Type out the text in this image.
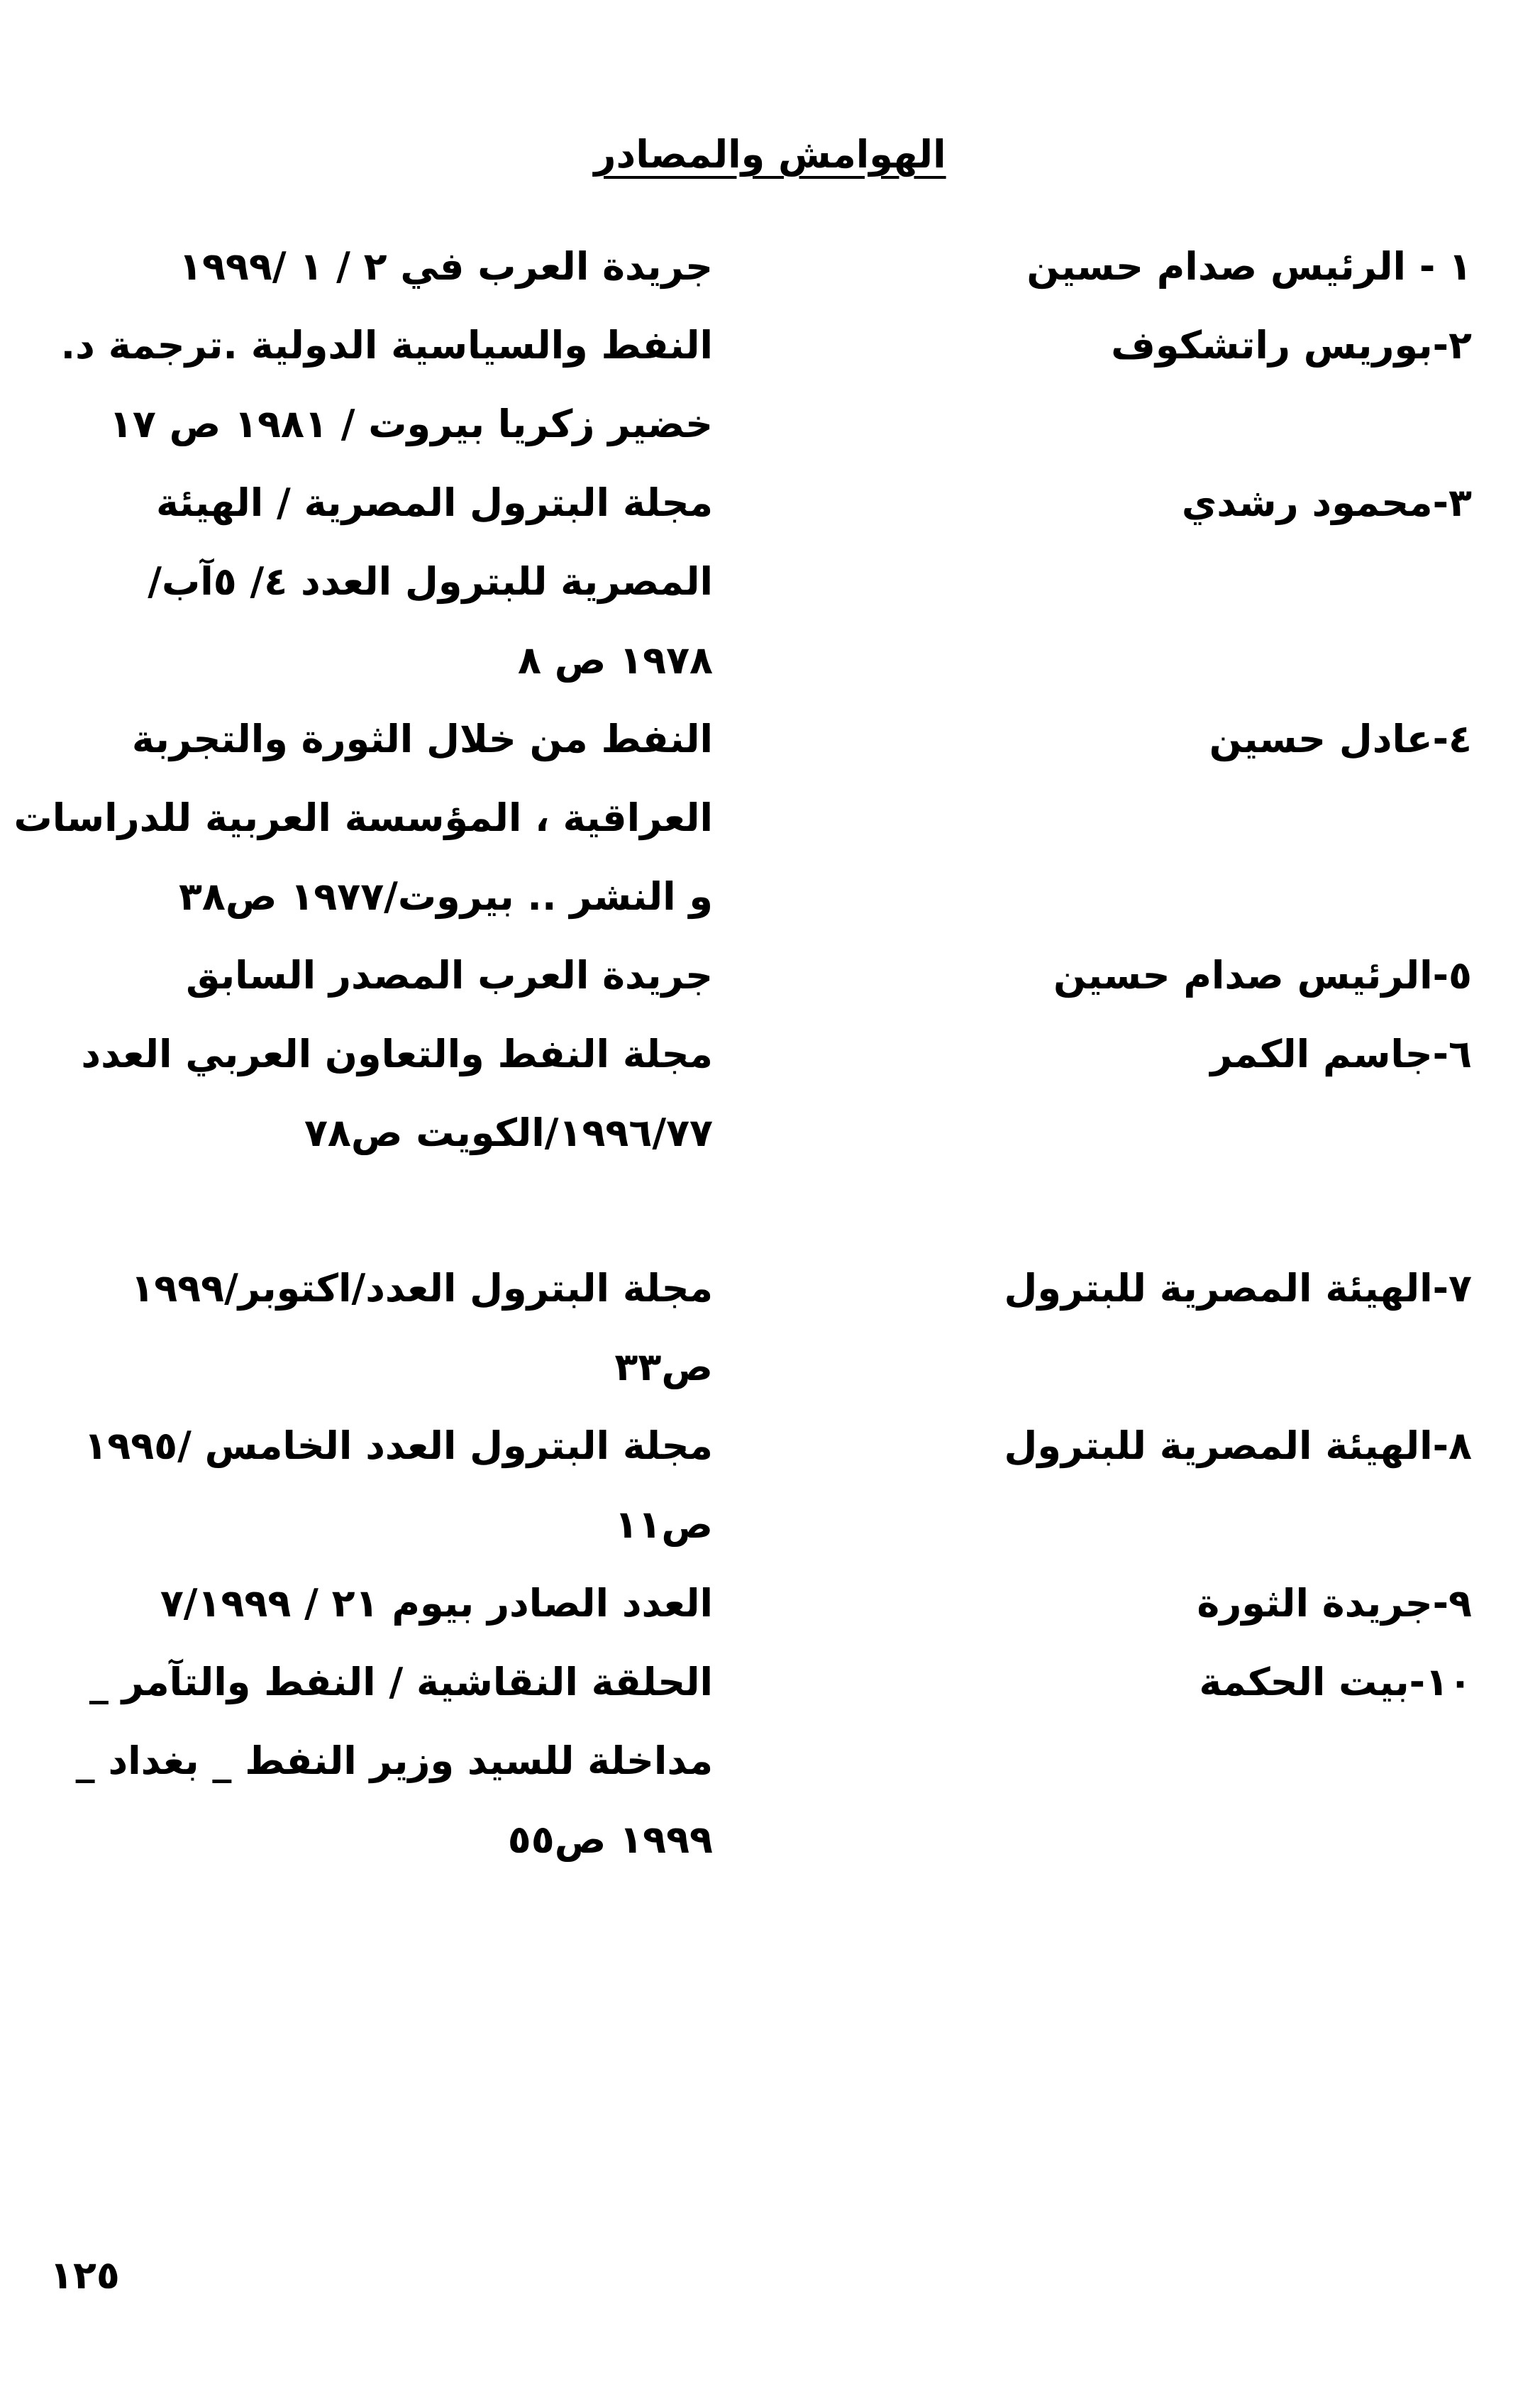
الهوامش والمصادر
١ - الرئيس صدام حسين
جريدة العرب في ٢ / ١ /١٩٩٩
٢-بوريس راتشكوف
النفط والسياسية الدولية .ترجمة د.
خضير زكريا بيروت / ١٩٨١ ص ١٧
٣-محمود رشدي
مجلة البترول المصرية / الهيئة
المصرية للبترول العدد ٤/ ٥آب/
١٩٧٨ ص ٨
٤-عادل حسين
النفط من خلال الثورة والتجربة
العراقية ، المؤسسة العربية للدراسات
و النشر .. بيروت/١٩٧٧ ص٣٨
٥-الرئيس صدام حسين
جريدة العرب المصدر السابق
٦-جاسم الكمر
مجلة النفط والتعاون العربي العدد
١٩٩٦/٧٧/الكويت ص٧٨
٧-الهيئة المصرية للبترول
مجلة البترول العدد/اكتوبر/١٩٩٩
ص٣٣
٨-الهيئة المصرية للبترول
مجلة البترول العدد الخامس /١٩٩٥
ص١١
٩-جريدة الثورة
العدد الصادر بيوم ٢١ / ٧/١٩٩٩
١٠-بيت الحكمة
الحلقة النقاشية / النفط والتآمر _
مداخلة للسيد وزير النفط _ بغداد _
١٩٩٩ ص٥٥
١٢٥
